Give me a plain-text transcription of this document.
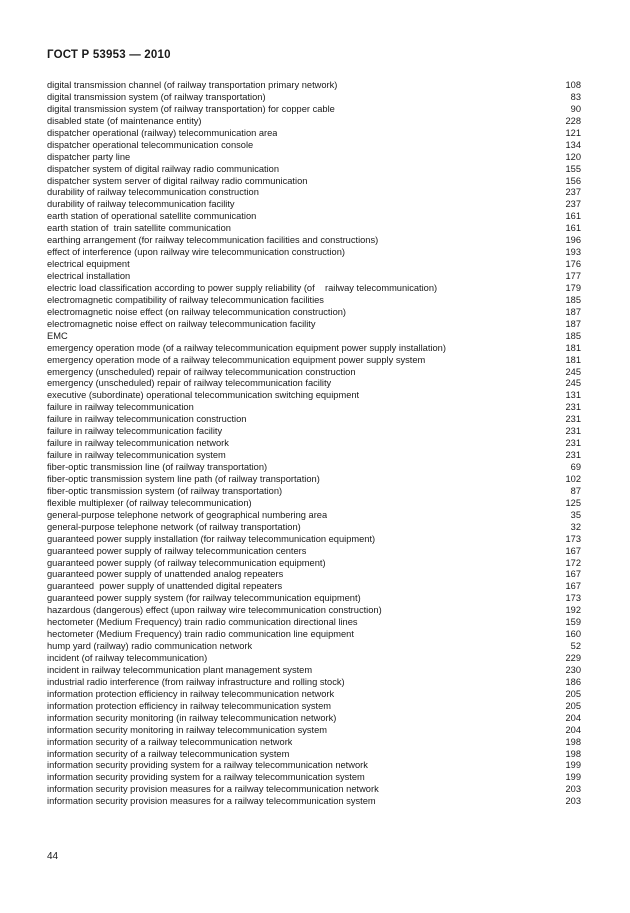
ГОСТ Р 53953 — 2010
digital transmission channel (of railway transportation primary network)	108
digital transmission system (of railway transportation)	83
digital transmission system (of railway transportation) for copper cable	90
disabled state (of maintenance entity)	228
dispatcher operational (railway) telecommunication area	121
dispatcher operational telecommunication console	134
dispatcher party line	120
dispatcher system of digital railway radio communication	155
dispatcher system server of digital railway radio communication	156
durability of railway telecommunication construction	237
durability of railway telecommunication facility	237
earth station of operational satellite communication	161
earth station of  train satellite communication	161
earthing arrangement (for railway telecommunication facilities and constructions)	196
effect of interference (upon railway wire telecommunication construction)	193
electrical equipment	176
electrical installation	177
electric load classification according to power supply reliability (of    railway telecommunication)	179
electromagnetic compatibility of railway telecommunication facilities	185
electromagnetic noise effect (on railway telecommunication construction)	187
electromagnetic noise effect on railway telecommunication facility	187
EMC	185
emergency operation mode (of a railway telecommunication equipment power supply installation)	181
emergency operation mode of a railway telecommunication equipment power supply system	181
emergency (unscheduled) repair of railway telecommunication construction	245
emergency (unscheduled) repair of railway telecommunication facility	245
executive (subordinate) operational telecommunication switching equipment	131
failure in railway telecommunication	231
failure in railway telecommunication construction	231
failure in railway telecommunication facility	231
failure in railway telecommunication network	231
failure in railway telecommunication system	231
fiber-optic transmission line (of railway transportation)	69
fiber-optic transmission system line path (of railway transportation)	102
fiber-optic transmission system (of railway transportation)	87
flexible multiplexer (of railway telecommunication)	125
general-purpose telephone network of geographical numbering area	35
general-purpose telephone network (of railway transportation)	32
guaranteed power supply installation (for railway telecommunication equipment)	173
guaranteed power supply of railway telecommunication centers	167
guaranteed power supply (of railway telecommunication equipment)	172
guaranteed power supply of unattended analog repeaters	167
guaranteed  power supply of unattended digital repeaters	167
guaranteed power supply system (for railway telecommunication equipment)	173
hazardous (dangerous) effect (upon railway wire telecommunication construction)	192
hectometer (Medium Frequency) train radio communication directional lines	159
hectometer (Medium Frequency) train radio communication line equipment	160
hump yard (railway) radio communication network	52
incident (of railway telecommunication)	229
incident in railway telecommunication plant management system	230
industrial radio interference (from railway infrastructure and rolling stock)	186
information protection efficiency in railway telecommunication network	205
information protection efficiency in railway telecommunication system	205
information security monitoring (in railway telecommunication network)	204
information security monitoring in railway telecommunication system	204
information security of a railway telecommunication network	198
information security of a railway telecommunication system	198
information security providing system for a railway telecommunication network	199
information security providing system for a railway telecommunication system	199
information security provision measures for a railway telecommunication network	203
information security provision measures for a railway telecommunication system	203
44
